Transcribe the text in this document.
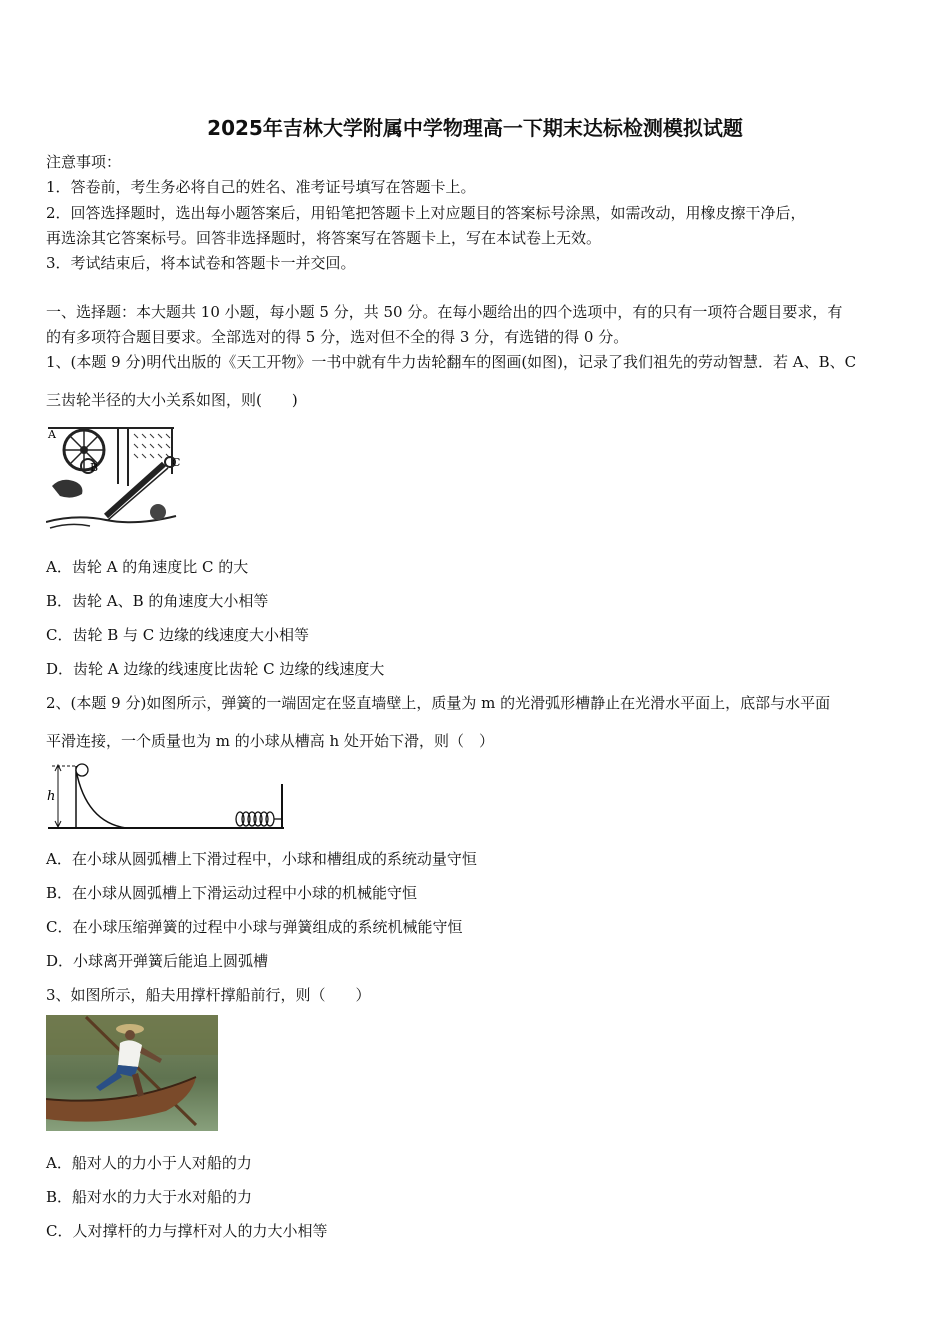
2025年吉林大学附属中学物理高一下期末达标检测模拟试题
注意事项：
1．答卷前，考生务必将自己的姓名、准考证号填写在答题卡上。
2．回答选择题时，选出每小题答案后，用铅笔把答题卡上对应题目的答案标号涂黑，如需改动，用橡皮擦干净后，
再选涂其它答案标号。回答非选择题时，将答案写在答题卡上，写在本试卷上无效。
3．考试结束后，将本试卷和答题卡一并交回。
一、选择题：本大题共 10 小题，每小题 5 分，共 50 分。在每小题给出的四个选项中，有的只有一项符合题目要求，有
的有多项符合题目要求。全部选对的得 5 分，选对但不全的得 3 分，有选错的得 0 分。
1、(本题 9 分)明代出版的《天工开物》一书中就有牛力齿轮翻车的图画(如图)，记录了我们祖先的劳动智慧．若 A、B、C
三齿轮半径的大小关系如图，则(　　)
A
B	C
A．齿轮 A 的角速度比 C 的大
B．齿轮 A、B 的角速度大小相等
C．齿轮 B 与 C 边缘的线速度大小相等
D．齿轮 A 边缘的线速度比齿轮 C 边缘的线速度大
2、(本题 9 分)如图所示，弹簧的一端固定在竖直墙壁上，质量为 m 的光滑弧形槽静止在光滑水平面上，底部与水平面
平滑连接，一个质量也为 m 的小球从槽高 h 处开始下滑，则（　）
h
A．在小球从圆弧槽上下滑过程中，小球和槽组成的系统动量守恒
B．在小球从圆弧槽上下滑运动过程中小球的机械能守恒
C．在小球压缩弹簧的过程中小球与弹簧组成的系统机械能守恒
D．小球离开弹簧后能追上圆弧槽
3、如图所示，船夫用撑杆撑船前行，则（　　）
A．船对人的力小于人对船的力
B．船对水的力大于水对船的力
C．人对撑杆的力与撑杆对人的力大小相等
